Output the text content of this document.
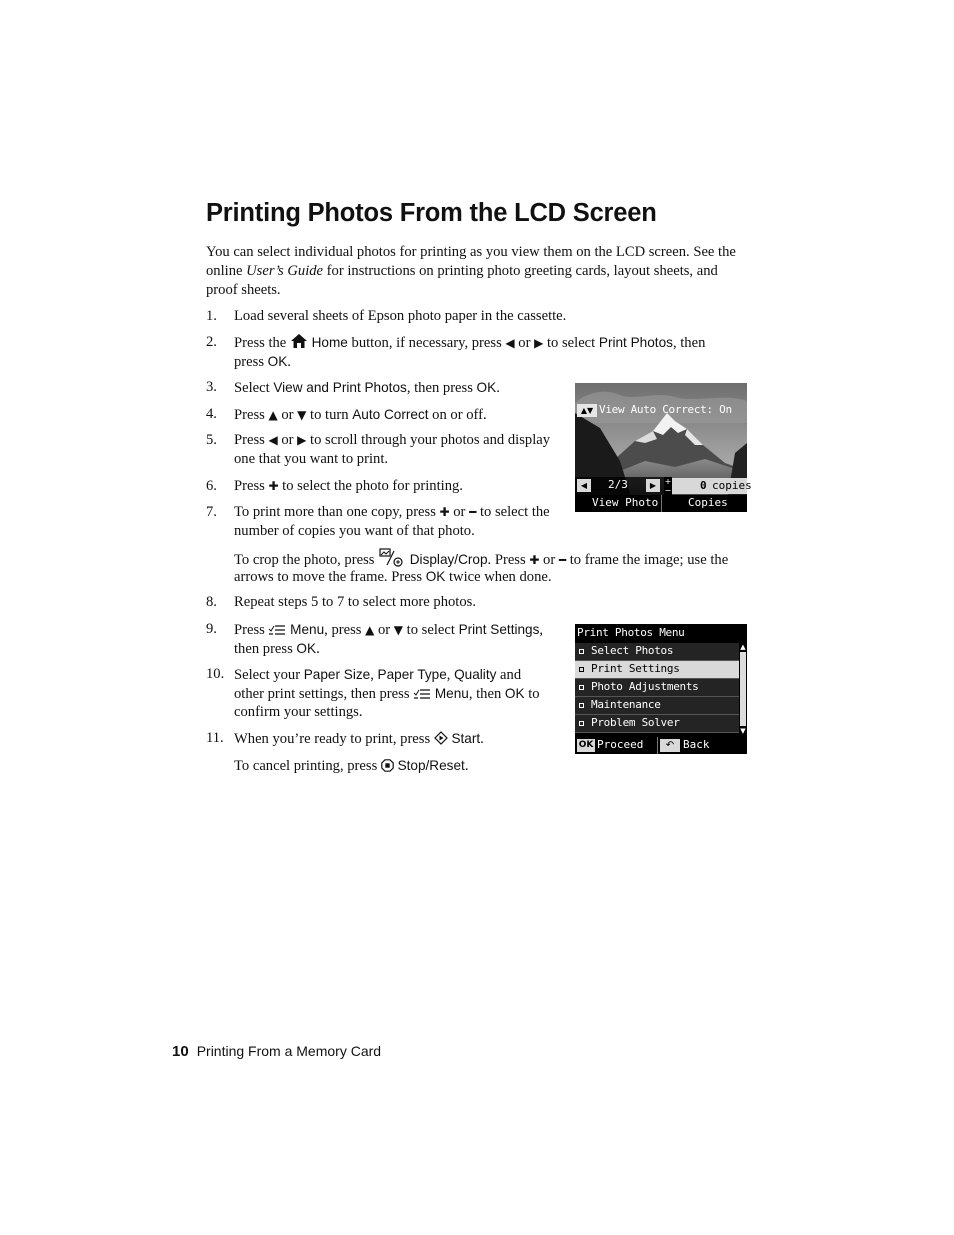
Printing Photos From the LCD Screen

You can select individual photos for printing as you view them on the LCD screen. See the online User’s Guide for instructions on printing photo greeting cards, layout sheets, and proof sheets.

1.	Load several sheets of Epson photo paper in the cassette.
2.	Press the  Home button, if necessary, press ◀ or ▶ to select Print Photos, then
press OK.
3.	Select View and Print Photos, then press OK.
4.	Press ▲ or ▼ to turn Auto Correct on or off.
5.	Press ◀ or ▶ to scroll through your photos and display
one that you want to print.
6.	Press ✚ to select the photo for printing.
7.	To print more than one copy, press ✚ or ━ to select the
number of copies you want of that photo.
To crop the photo, press  Display/Crop. Press ✚ or ━ to frame the image; use the
arrows to move the frame. Press OK twice when done.
8.	Repeat steps 5 to 7 to select more photos.
9.	Press  Menu, press ▲ or ▼ to select Print Settings,
then press OK.
10. Select your Paper Size, Paper Type, Quality and
other print settings, then press  Menu, then OK to
confirm your settings.
11. When you’re ready to print, press  Start.
To cancel printing, press  Stop/Reset.
▲▼ View Auto Correct: On
◀	2/3	▶	+
−	0 copies
View Photo	Copies
Print Photos Menu
Select Photos
Print Settings
Photo Adjustments
Maintenance
Problem Solver
▲
▼
OK Proceed	↶ Back
10 Printing From a Memory Card
